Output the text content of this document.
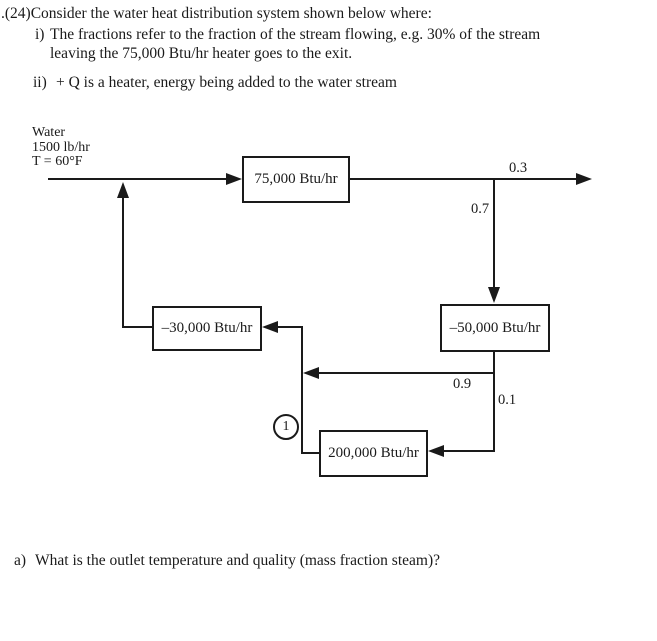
.(24)Consider the water heat distribution system shown below where:
i) The fractions refer to the fraction of the stream flowing, e.g. 30% of the stream
leaving the 75,000 Btu/hr heater goes to the exit.
ii) + Q is a heater, energy being added to the water stream
Water
1500 lb/hr
T = 60°F
75,000 Btu/hr
0.3
0.7
–50,000 Btu/hr
0.9
0.1
200,000 Btu/hr
1
–30,000 Btu/hr
a) What is the outlet temperature and quality (mass fraction steam)?
